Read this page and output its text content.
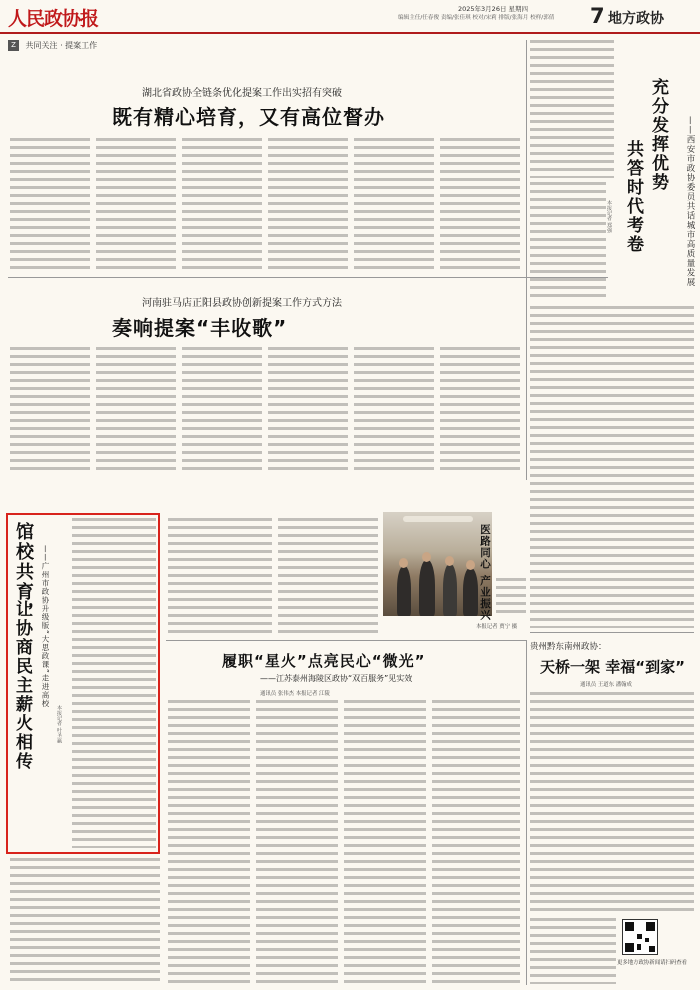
人民政协报	编辑主任/任春俊 责编/张佳琪 校对/宋莉 排版/张海月 校样/郭倩
2025年3月26日 星期四	7 地方政协
Z 共同关注 · 提案工作
湖北省政协全链条优化提案工作出实招有突破
既有精心培育，又有高位督办
河南驻马店正阳县政协创新提案工作方式方法
奏响提案“丰收歌”
充分发挥优势
共答时代考卷	——西安市政协委员共话城市高质量发展
本报记者 郑强
馆校共育，
让协商民主薪火相传 ——广州市政协升级版“大思政课”走进高校
本报记者 叶圣赢
医路同心 产业振兴
本报记者 贾宁 摄
履职“星火”点亮民心“微光”
——江苏泰州海陵区政协“双百服务”见实效
通讯员 张伟杰 本报记者 江陵
贵州黔东南州政协：
天桥一架 幸福“到家”
通讯员 王道东 潘翰成
更多地方政协新闻请扫码查看
